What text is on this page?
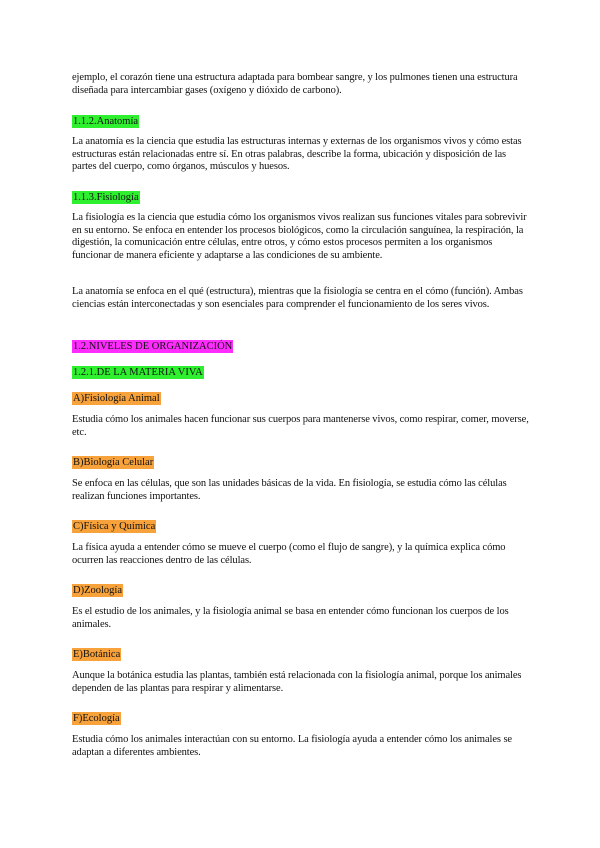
ejemplo, el corazón tiene una estructura adaptada para bombear sangre, y los pulmones tienen una estructura diseñada para intercambiar gases (oxígeno y dióxido de carbono).

1.1.2.Anatomía

La anatomía es la ciencia que estudia las estructuras internas y externas de los organismos vivos y cómo estas estructuras están relacionadas entre sí. En otras palabras, describe la forma, ubicación y disposición de las partes del cuerpo, como órganos, músculos y huesos.

1.1.3.Fisiología

La fisiología es la ciencia que estudia cómo los organismos vivos realizan sus funciones vitales para sobrevivir en su entorno. Se enfoca en entender los procesos biológicos, como la circulación sanguínea, la respiración, la digestión, la comunicación entre células, entre otros, y cómo estos procesos permiten a los organismos funcionar de manera eficiente y adaptarse a las condiciones de su ambiente.

La anatomía se enfoca en el qué (estructura), mientras que la fisiología se centra en el cómo (función). Ambas ciencias están interconectadas y son esenciales para comprender el funcionamiento de los seres vivos.

1.2.NIVELES DE ORGANIZACIÓN
1.2.1.DE LA MATERIA VIVA
A)Fisiología Animal

Estudia cómo los animales hacen funcionar sus cuerpos para mantenerse vivos, como respirar, comer, moverse, etc.

B)Biología Celular

Se enfoca en las células, que son las unidades básicas de la vida. En fisiología, se estudia cómo las células realizan funciones importantes.

C)Física y Química

La física ayuda a entender cómo se mueve el cuerpo (como el flujo de sangre), y la química explica cómo ocurren las reacciones dentro de las células.

D)Zoología

Es el estudio de los animales, y la fisiología animal se basa en entender cómo funcionan los cuerpos de los animales.

E)Botánica

Aunque la botánica estudia las plantas, también está relacionada con la fisiología animal, porque los animales dependen de las plantas para respirar y alimentarse.

F)Ecología

Estudia cómo los animales interactúan con su entorno. La fisiología ayuda a entender cómo los animales se adaptan a diferentes ambientes.
